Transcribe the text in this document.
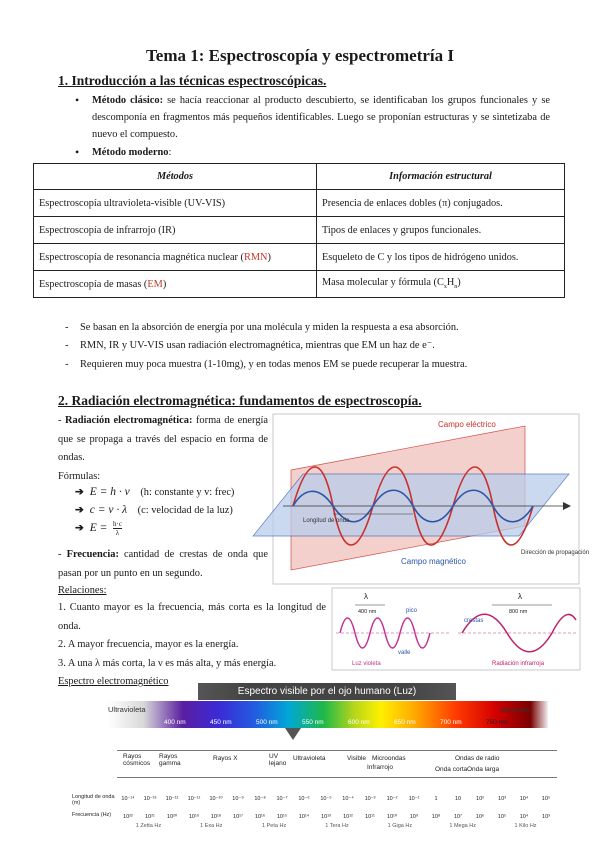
Tema 1: Espectroscopía y espectrometría I
1. Introducción a las técnicas espectroscópicas.
• Método clásico: se hacía reaccionar al producto descubierto, se identificaban los grupos funcionales y se descomponía en fragmentos más pequeños identificables. Luego se proponían estructuras y se sintetizaba de nuevo el compuesto.
• Método moderno:
Métodos	Información estructural
Espectroscopía ultravioleta-visible (UV-VIS)	Presencia de enlaces dobles (π) conjugados.
Espectroscopía de infrarrojo (IR)	Tipos de enlaces y grupos funcionales.
Espectroscopía de resonancia magnética nuclear (RMN)	Esqueleto de C y los tipos de hidrógeno unidos.
Espectroscopía de masas (EM)	Masa molecular y fórmula $(C_xH_n)$
- Se basan en la absorción de energía por una molécula y miden la respuesta a esa absorción.
- RMN, IR y UV-VIS usan radiación electromagnética, mientras que EM un haz de e⁻.
- Requieren muy poca muestra (1-10mg), y en todas menos EM se puede recuperar la muestra.
2. Radiación electromagnética: fundamentos de espectroscopía.
- Radiación electromagnética: forma de energía que se propaga a través del espacio en forma de ondas.
Fórmulas:
➔ E = h · ν (h: constante y v: frec)
➔ c = ν · λ (c: velocidad de la luz)
➔ $E = \frac{h\cdot c}{\lambda}$
- Frecuencia: cantidad de crestas de onda que pasan por un punto en un segundo.
Relaciones:
1. Cuanto mayor es la frecuencia, más corta es la longitud de onda.
2. A mayor frecuencia, mayor es la energía.
3. A una λ más corta, la ν es más alta, y más energía.
Espectro electromagnético
Campo eléctrico
Campo magnético
Longitud de onda
Dirección de propagación
λ
400 nm	pico
valle
Luz violeta
λ
800 nm
crestas
Radiación infrarroja
Espectro visible por el ojo humano (Luz)
Ultravioleta	Infrarrojo
400 nm	450 nm	500 nm	550 nm	600 nm	650 nm	700 nm	750 nm
Rayos cósmicos
Rayos gamma
Rayos X	UV lejano
Ultravioleta	Visible
Infrarrojo
Microondas	Ondas de radio
Onda corta Onda larga
Longitud de onda (m)
Frecuencia (Hz)
10⁻¹⁴	10⁻¹³	10⁻¹²	10⁻¹¹	10⁻¹⁰	10⁻⁹	10⁻⁸	10⁻⁷	10⁻⁶	10⁻⁵	10⁻⁴	10⁻³	10⁻²	10⁻¹	1	10	10²	10³	10⁴	10⁵
10²²	10²¹	10²⁰	10¹⁹	10¹⁸	10¹⁷	10¹⁶	10¹⁵	10¹⁴	10¹³	10¹²	10¹¹	10¹⁰	10⁹	10⁸	10⁷	10⁶	10⁵	10⁴	10³
1 Zetta Hz	1 Exa Hz	1 Peta Hz	1 Tera Hz	1 Giga Hz	1 Mega Hz	1 Kilo Hz
